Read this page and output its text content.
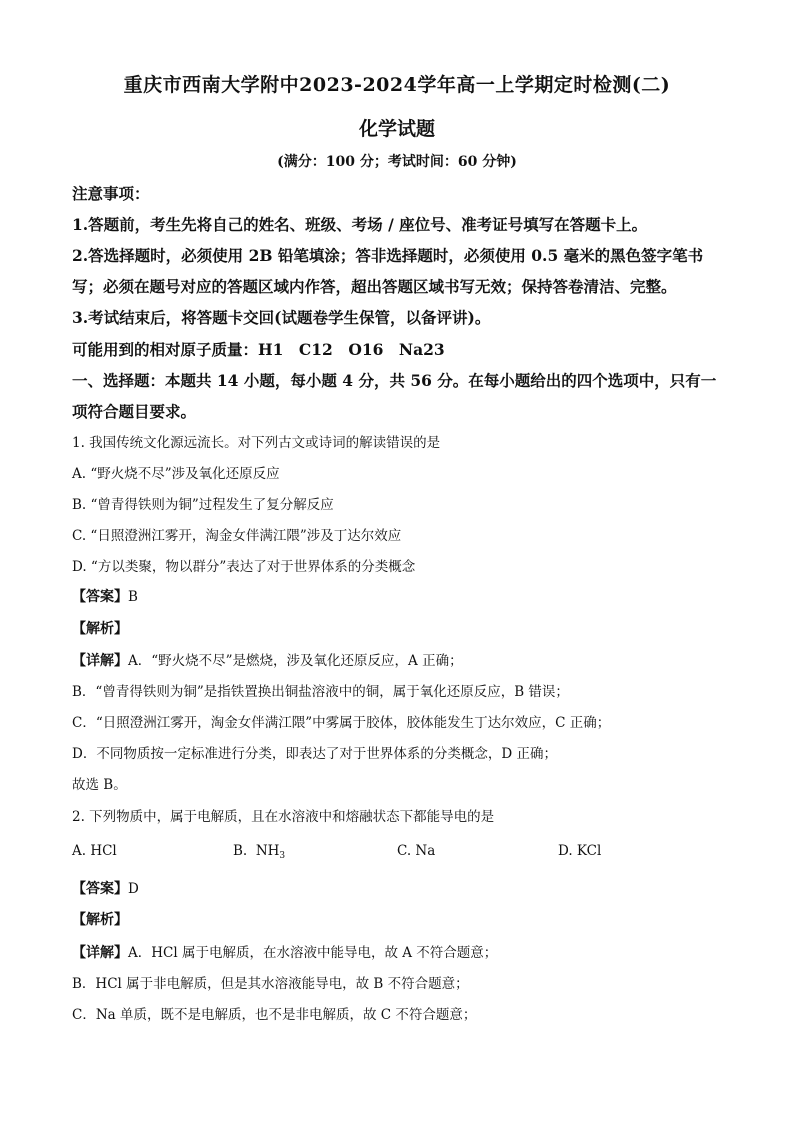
重庆市西南大学附中2023-2024学年高一上学期定时检测(二)
化学试题
(满分：100 分；考试时间：60 分钟)
注意事项：
1.答题前，考生先将自己的姓名、班级、考场 / 座位号、准考证号填写在答题卡上。
2.答选择题时，必须使用 2B 铅笔填涂；答非选择题时，必须使用 0.5 毫米的黑色签字笔书
写；必须在题号对应的答题区域内作答，超出答题区域书写无效；保持答卷清洁、完整。
3.考试结束后，将答题卡交回(试题卷学生保管，以备评讲)。
可能用到的相对原子质量：H1　C12　O16　Na23
一、选择题：本题共 14 小题，每小题 4 分，共 56 分。在每小题给出的四个选项中，只有一
项符合题目要求。
1. 我国传统文化源远流长。对下列古文或诗词的解读错误的是
A. “野火烧不尽”涉及氧化还原反应
B. “曾青得铁则为铜”过程发生了复分解反应
C. “日照澄洲江雾开，淘金女伴满江隈”涉及丁达尔效应
D. “方以类聚，物以群分”表达了对于世界体系的分类概念
【答案】B
【解析】
【详解】A．“野火烧不尽”是燃烧，涉及氧化还原反应，A 正确；
B．“曾青得铁则为铜”是指铁置换出铜盐溶液中的铜，属于氧化还原反应，B 错误；
C．“日照澄洲江雾开，淘金女伴满江隈”中雾属于胶体，胶体能发生丁达尔效应，C 正确；
D．不同物质按一定标准进行分类，即表达了对于世界体系的分类概念，D 正确；
故选 B。
2. 下列物质中，属于电解质，且在水溶液中和熔融状态下都能导电的是
A. HCl	B. $NH_3$	C. Na	D. KCl
【答案】D
【解析】
【详解】A．HCl 属于电解质，在水溶液中能导电，故 A 不符合题意；
B．HCl 属于非电解质，但是其水溶液能导电，故 B 不符合题意；
C．Na 单质，既不是电解质，也不是非电解质，故 C 不符合题意；
